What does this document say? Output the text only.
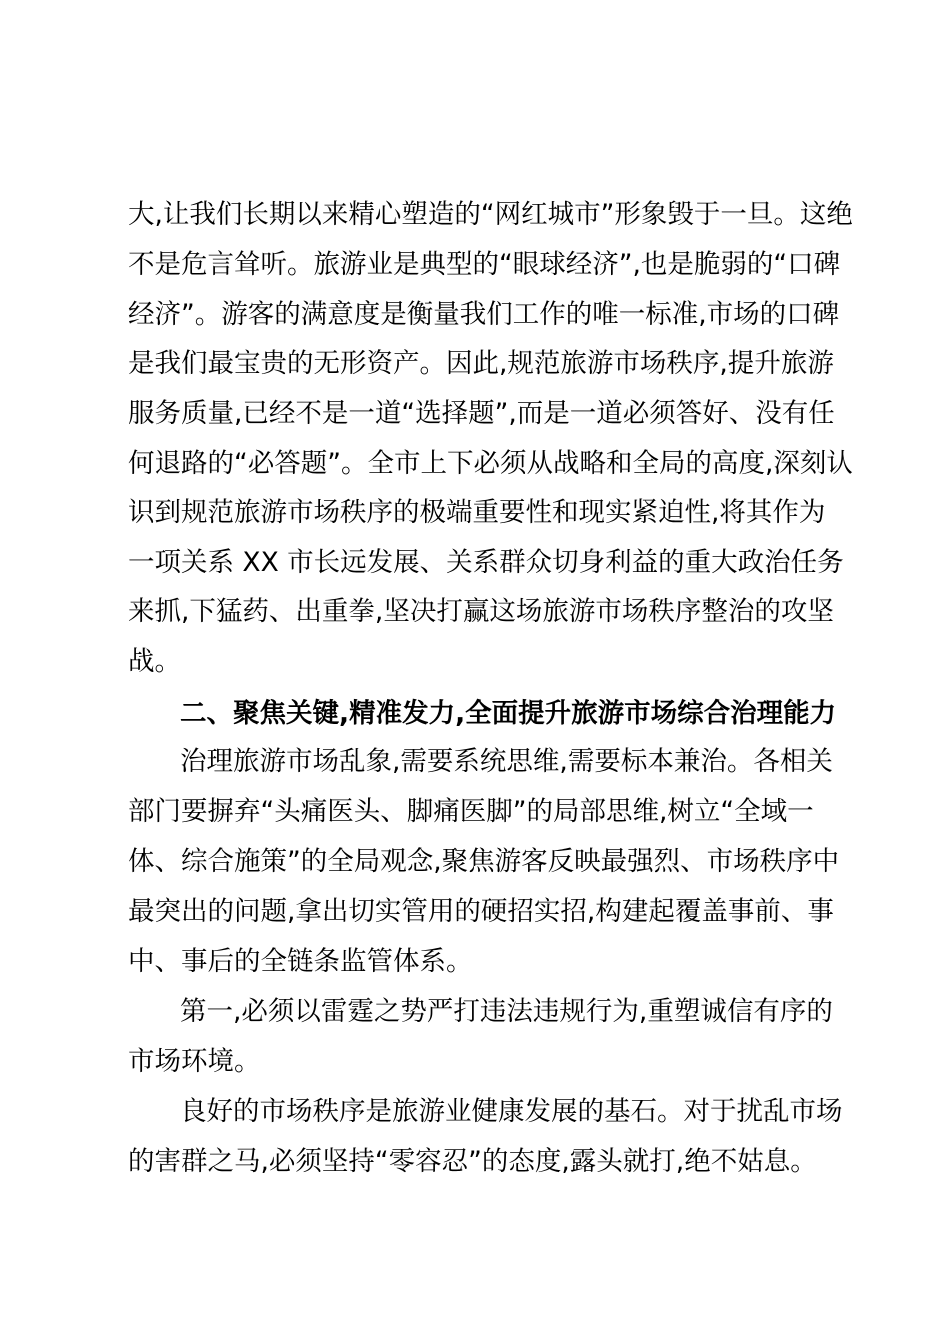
大,让我们长期以来精心塑造的“网红城市”形象毁于一旦。这绝

不是危言耸听。旅游业是典型的“眼球经济”,也是脆弱的“口碑

经济”。游客的满意度是衡量我们工作的唯一标准,市场的口碑

是我们最宝贵的无形资产。因此,规范旅游市场秩序,提升旅游

服务质量,已经不是一道“选择题”,而是一道必须答好、没有任

何退路的“必答题”。全市上下必须从战略和全局的高度,深刻认

识到规范旅游市场秩序的极端重要性和现实紧迫性,将其作为

一项关系 XX 市长远发展、关系群众切身利益的重大政治任务

来抓,下猛药、出重拳,坚决打赢这场旅游市场秩序整治的攻坚

战。

二、聚焦关键,精准发力,全面提升旅游市场综合治理能力

治理旅游市场乱象,需要系统思维,需要标本兼治。各相关

部门要摒弃“头痛医头、脚痛医脚”的局部思维,树立“全域一

体、综合施策”的全局观念,聚焦游客反映最强烈、市场秩序中

最突出的问题,拿出切实管用的硬招实招,构建起覆盖事前、事

中、事后的全链条监管体系。

第一,必须以雷霆之势严打违法违规行为,重塑诚信有序的

市场环境。

良好的市场秩序是旅游业健康发展的基石。对于扰乱市场

的害群之马,必须坚持“零容忍”的态度,露头就打,绝不姑息。
